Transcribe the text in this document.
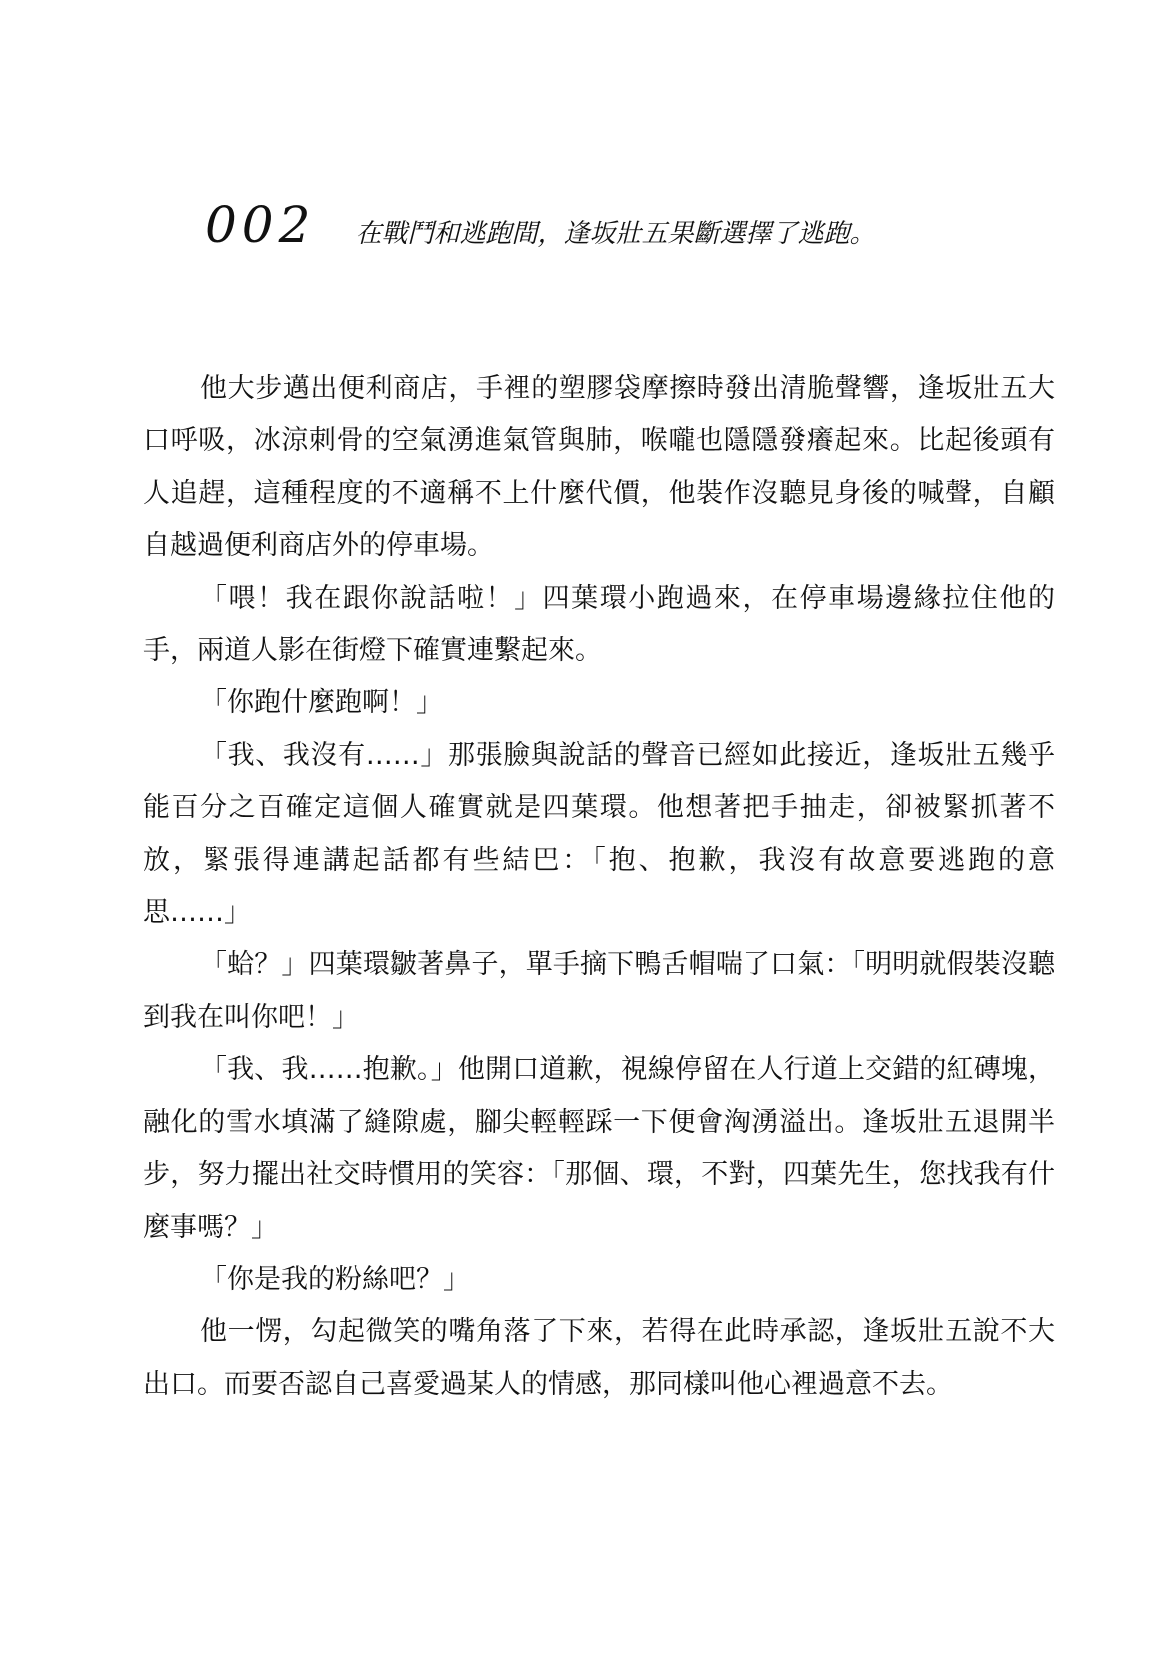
002 在戰鬥和逃跑間，逢坂壯五果斷選擇了逃跑。

他大步邁出便利商店，手裡的塑膠袋摩擦時發出清脆聲響，逢坂壯五大口呼吸，冰涼刺骨的空氣湧進氣管與肺，喉嚨也隱隱發癢起來。比起後頭有人追趕，這種程度的不適稱不上什麼代價，他裝作沒聽見身後的喊聲，自顧自越過便利商店外的停車場。

「喂！我在跟你說話啦！」四葉環小跑過來，在停車場邊緣拉住他的手，兩道人影在街燈下確實連繫起來。

「你跑什麼跑啊！」

「我、我沒有……」那張臉與說話的聲音已經如此接近，逢坂壯五幾乎能百分之百確定這個人確實就是四葉環。他想著把手抽走，卻被緊抓著不放，緊張得連講起話都有些結巴：「抱、抱歉，我沒有故意要逃跑的意思……」

「蛤？」四葉環皺著鼻子，單手摘下鴨舌帽喘了口氣：「明明就假裝沒聽到我在叫你吧！」

「我、我……抱歉。」他開口道歉，視線停留在人行道上交錯的紅磚塊，融化的雪水填滿了縫隙處，腳尖輕輕踩一下便會洶湧溢出。逢坂壯五退開半步，努力擺出社交時慣用的笑容：「那個、環，不對，四葉先生，您找我有什麼事嗎？」

「你是我的粉絲吧？」

他一愣，勾起微笑的嘴角落了下來，若得在此時承認，逢坂壯五說不大出口。而要否認自己喜愛過某人的情感，那同樣叫他心裡過意不去。
